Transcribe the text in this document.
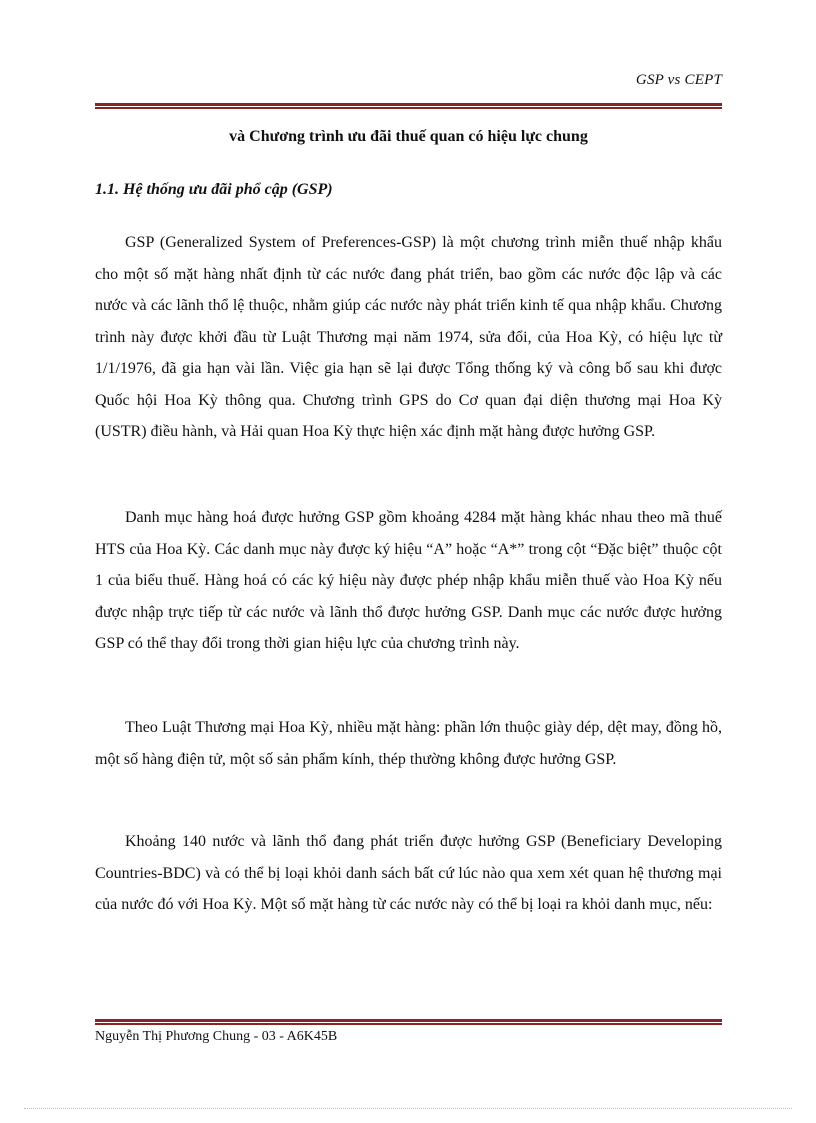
GSP vs CEPT
và Chương trình ưu đãi thuế quan có hiệu lực chung
1.1. Hệ thống ưu đãi phổ cập (GSP)

GSP (Generalized System of Preferences-GSP) là một chương trình miễn thuế nhập khẩu cho một số mặt hàng nhất định từ các nước đang phát triển, bao gồm các nước độc lập và các nước và các lãnh thổ lệ thuộc, nhằm giúp các nước này phát triển kinh tế qua nhập khẩu. Chương trình này được khởi đầu từ Luật Thương mại năm 1974, sửa đổi, của Hoa Kỳ, có hiệu lực từ 1/1/1976, đã gia hạn vài lần. Việc gia hạn sẽ lại được Tổng thống ký và công bố sau khi được Quốc hội Hoa Kỳ thông qua. Chương trình GPS do Cơ quan đại diện thương mại Hoa Kỳ (USTR) điều hành, và Hải quan Hoa Kỳ thực hiện xác định mặt hàng được hưởng GSP.

Danh mục hàng hoá được hưởng GSP gồm khoảng 4284 mặt hàng khác nhau theo mã thuế HTS của Hoa Kỳ. Các danh mục này được ký hiệu “A” hoặc “A*” trong cột “Đặc biệt” thuộc cột 1 của biểu thuế. Hàng hoá có các ký hiệu này được phép nhập khẩu miễn thuế vào Hoa Kỳ nếu được nhập trực tiếp từ các nước và lãnh thổ được hưởng GSP. Danh mục các nước được hưởng GSP có thể thay đổi trong thời gian hiệu lực của chương trình này.

Theo Luật Thương mại Hoa Kỳ, nhiều mặt hàng: phần lớn thuộc giày dép, dệt may, đồng hồ, một số hàng điện tử, một số sản phẩm kính, thép thường không được hưởng GSP.

Khoảng 140 nước và lãnh thổ đang phát triển được hưởng GSP (Beneficiary Developing Countries-BDC) và có thể bị loại khỏi danh sách bất cứ lúc nào qua xem xét quan hệ thương mại của nước đó với Hoa Kỳ. Một số mặt hàng từ các nước này có thể bị loại ra khỏi danh mục, nếu:

Nguyễn Thị Phương Chung - 03 - A6K45B
